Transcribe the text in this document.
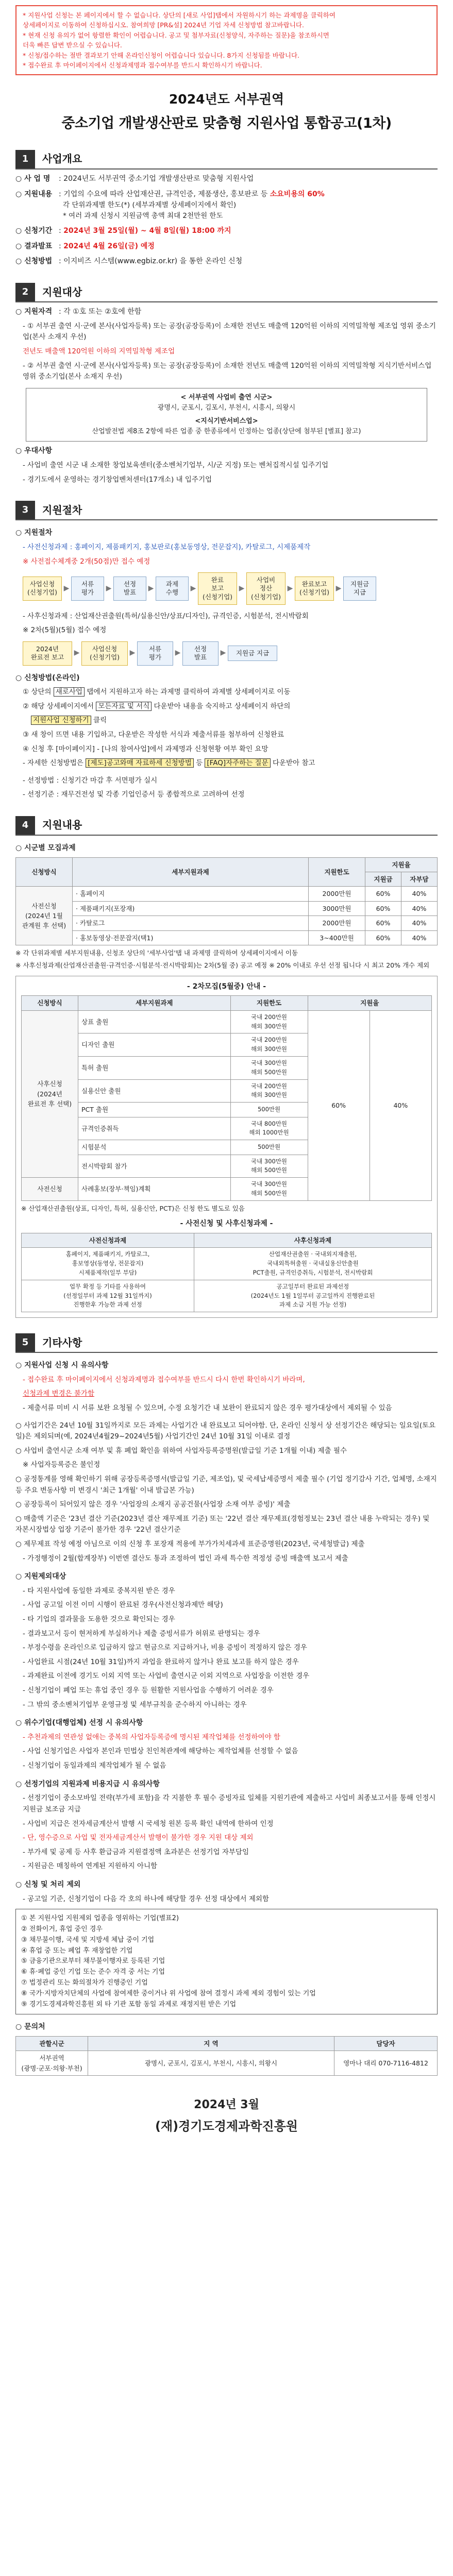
* 지원사업 신청는 본 페이지에서 할 수 없습니다. 상단의 [새로 사업]탭에서 자원하시기 하는 과제명을 클릭하여

상세페이지로 이동하여 신청하십시오. 참여희망 [PR&설] 2024년 기업 자세 신청방법 참고바랍니다.

* 현재 신청 유의가 없어 항렬한 확인이 어렵습니다. 공고 및 첨부자료(신청양식, 자주하는 질문)을 참조하시면

더욱 빠른 답변 받으실 수 있습니다.

* 신청/접수하는 절반 결과보기 안해 온라인신청이 어렵습니다 있습니다. 8가지 신청됨를 바랍니다.

* 접수완료 후 마이페이지에서 신청과제명과 접수여부를 반드시 확인하시기 바랍니다.

2024년도 서부권역
중소기업 개발생산판로 맞춤형 지원사업 통합공고(1차)
1	사업개요
○ 사 업 명	: 2024년도 서부권역 중소기업 개발생산판로 맞춤형 지원사업
○ 지원내용 : 기업의 수요에 따라 산업재산권, 규격인증, 제품생산, 홍보판로 등 소요비용의 60%
각 단위과제별 한도(*) (세부과제별 상세페이지에서 확인)
* 여러 과제 신청시 지원금액 총액 최대 2천만원 한도
○ 신청기간 : 2024년 3월 25일(월) ~ 4월 8일(월) 18:00 까지
○ 결과발표 : 2024년 4월 26일(금) 예정
○ 신청방법 : 이지비즈 시스템(www.egbiz.or.kr) 을 통한 온라인 신청
2	지원대상
○ 지원자격 : 각 ①호 또는 ②호에 한함
- ① 서부권 출연 시·군에 본사(사업자등록) 또는 공장(공장등록)이 소재한 전년도 매출액 120억원 이하의 지역밀착형 제조업 영위 중소기업(본사 소재지 우선)
전년도 매출액 120억원 이하의 지역밀착형 제조업
- ② 서부권 출연 시·군에 본사(사업자등록) 또는 공장(공장등록)이 소재한 전년도 매출액 120억원 이하의 지역밀착형 지식기반서비스업 영위 중소기업(본사 소재지 우선)
< 서부권역 사업비 출연 시군>
광명시, 군포시, 김포시, 부천시, 시흥시, 의왕시
<지식기반서비스업>
산업발전법 제8조 2항에 따른 업종 중 한종류에서 인정하는 업종(상단에 첨부된 [별표] 참고)
○ 우대사항
- 사업비 출연 시군 내 소재한 창업보육센터(중소벤처기업부, 시/군 지정) 또는 벤처집적시설 입주기업
- 경기도에서 운영하는 경기창업벤처센터(17개소) 내 입주기업
3	지원절차
○ 지원절차
- 사전신청과제 : 홍페이지, 제품패키지, 홍보판로(홍보동영상, 전문잡지), 카탈로그, 시제품제작
※ 사전접수체계중 2개(50점)만 접수 예정
사업신청
(신청기업)
▶	서류
평가
▶	선정
발표
▶	과제
수행
▶
완료
보고
(신청기업)
▶
사업비
정산
(신청기업)
▶	완료보고
(신청기업)
▶	지원금
지급
- 사후신청과제 : 산업재산권출원(특허/실용신안/상표/디자인), 규격인증, 시험분석, 전시박람회
※ 2차(5월)(5월) 접수 예정
2024년
완료전 보고
▶	사업신청
(신청기업)
▶	서류
평가
▶	선정
발표
▶	지원금 지급
○ 신청방법(온라인)
① 상단의 새로사업 탭에서 지원하고자 하는 과제명 클릭하여 과제별 상세페이지로 이동
② 해당 상세페이지에서 모든자료 및 서식 다운받아 내용을 숙지하고 상세페이지 하단의
지원사업 신청하기 클릭
③ 새 창이 뜨면 내용 기입하고, 다운받은 작성한 서식과 제출서류를 첨부하여 신청완료
④ 신청 후 [마이페이지] - [나의 참여사업]에서 과제명과 신청현황 여부 확인 요망
- 자세한 신청방법은 [제도]공고와매 자료하세 신청방법 등 [FAQ]자주하는 질문 다운받아 참고
- 선정방법 : 신청기간 마감 후 서면평가 실시
- 선정기준 : 재무건전성 및 각종 기업인증서 등 종합적으로 고려하여 선정
4	지원내용
○ 시군별 모집과제
신청방식	세부지원과제	지원한도	지원율	
			지원금	자부담
사전신청
(2024년 1월
관계원 후 선택)	· 홈페이지	2000만원	60%	40%
	· 제품패키지(포장재)	3000만원	60%	40%
	· 카탈로그	2000만원	60%	40%
	· 홍보동영상·전문잡지(택1)	3~400만원	60%	40%
※ 각 단위과제별 세부지원내용, 신청조 상단의 '세부사업'탭 내 과제명 클릭하여 상세페이지에서 이동
※ 사후신청과제(산업재산권출원·규격인증·시험분석·전시박람회)는 2차(5월 중) 공고 예정 ※ 20% 이내로 우선 선정 됩니다 시 최고 20% 개수 제외
- 2차모집(5월중) 안내 -
신청방식	세부지원과제	지원한도	지원율	
사후신청
(2024년
완료전 후 선택)	상표 출원	국내 200만원
해외 300만원	60%	40%
	디자인 출원	국내 200만원
해외 300만원		
	특허 출원	국내 300만원
해외 500만원		
	실용신안 출원	국내 200만원
해외 300만원		
	PCT 출원	500만원		
	규격인증취득	국내 800만원
해외 1000만원		
	시험분석	500만원		
	전시박람회 참가	국내 300만원
해외 500만원		
사전신청	사례홍보(장부·책임)계획	국내 300만원
해외 500만원		
※ 산업재산권출원(상표, 디자인, 특허, 실용신안, PCT)은 신청 한도 별도로 있음
- 사전신청 및 사후신청과제 -
사전신청과제	사후신청과제
홈페이지, 제품패키지, 카탈로그,
홍보영상(동영상, 전문잡지)
시제품제작(일부 부담)	산업재산권출원 · 국내외지재출원,
국내외특허출원 · 국내실용신안출원
PCT출원, 규격인증취득, 시험분석, 전시박람회
업무 확정 등 기타를 사용하여
(선정일부터 과제 12월 31일까지)
진행한후 가능한 과제 선정	공고일부터 완료된 과제선정
(2024년도 1월 1일부터 공고일까지 진행완료된
과제 소급 지원 가능 선정)
5	기타사항
○ 지원사업 신청 시 유의사항
- 접수완료 후 마이페이지에서 신청과제명과 접수여부를 반드시 다시 한번 확인하시기 바라며,
신청과제 변경은 불가함
- 제출서류 미비 시 서류 보완 요청될 수 있으며, 수정 요청기간 내 보완이 완료되지 않은 경우 평가대상에서 제외될 수 있음
○ 사업기간은 24년 10월 31일까지로 모든 과제는 사업기간 내 완료보고 되어야함. 단, 온라인 신청서 상 선정기간은 해당되는 일요일(토요일)은 제외되며(예, 2024년4월29~2024년5월) 사업기간인 24년 10월 31일 이내로 결정
○ 사업비 출연시군 소재 여부 및 휴 폐업 확인을 위하여 사업자등록증명원(발급일 기준 1개월 이내) 제출 필수
※ 사업자등록증은 불인정
○ 공정통계를 영해 확인하기 위해 공장등록증명서(발급일 기준, 제조업), 및 국세납세증명서 제출 필수 (기업 정기감사 기간, 업체명, 소재지 등 주요 변동사항 미 변경시 '최근 1개월' 이내 발급본 가능)
○ 공장등록이 되어있지 않은 경우 '사업장의 소재지 공공건물(사업장 소재 여부 증빙)' 제출
○ 매출액 기준은 '23년 결산 기준(2023년 결산 재무제표 기준) 또는 '22년 결산 재무제표(경험정보는 23년 결산 내용 누락되는 경우) 및 자본시장법상 업장 기준이 불가한 경우 '22년 결산기준
○ 제무제표 작성 예정 아님으로 이의 신청 후 포장재 적용에 부가가치세과세 표준증명원(2023년, 국세청발급) 제출
- 가정행정이 2월(합계장부) 이번엔 결산도 통과 조정하여 법인 과세 특수한 적정성 증빙 매출액 보고서 제출
○ 지원제외대상
- 타 지원사업에 동일한 과제로 중복지원 받은 경우
- 사업 공고일 이전 이미 시행이 완료된 경우(사전신청과제만 해당)
- 타 기업의 결과물을 도용한 것으로 확인되는 경우
- 결과보고서 등이 현저하게 부실하거나 제출 증빙서류가 허위로 판명되는 경우
- 부정수령을 온라인으로 입금하지 않고 현금으로 지급하거나, 비용 증빙이 적정하지 않은 경우
- 사업완료 시점(24년 10월 31일)까지 과업을 완료하지 않거나 완료 보고를 하지 않은 경우
- 과제완료 이전에 경기도 이외 지역 또는 사업비 출연시군 이외 지역으로 사업장을 이전한 경우
- 신청기업이 폐업 또는 휴업 중인 경우 등 원활한 지원사업을 수행하기 어려운 경우
- 그 밖의 중소벤처기업부 운영규정 및 세부규칙을 준수하지 아니하는 경우
○ 위수기업(대행업체) 선정 시 유의사항
- 추천과제의 연관성 없애는 중복의 사업자등록증에 명시된 제작업체를 선정하여야 함
- 사업 신청기업은 사업자 본인과 민법상 친인척관계에 해당하는 제작업체를 선정할 수 없음
- 신청기업이 동일과제의 제작업체가 될 수 없음
○ 선정기업의 지원과제 비용지급 시 유의사항
- 선정기업이 중소모바일 전략(부가세 포함)을 각 지불한 후 필수 증빙자료 일체를 지원기관에 제출하고 사업비 최종보고서를 통해 인정시 지원금 보조금 지급
- 사업비 지급은 전자세금계산서 발행 시 국세청 원본 등록 확인 내역에 한하여 인정
- 단, 영수증으로 사업 및 전자세금계산서 발행이 불가한 경우 지원 대상 제외
- 부가세 및 공제 등 사후 환급금과 지원결정액 초과분은 선정기업 자부담임
- 지원금은 매칭하여 연계된 지원하지 아니함
○ 신청 및 처리 제외
- 공고일 기준, 신청기업이 다음 각 호의 하나에 해당할 경우 선정 대상에서 제외함
① 본 지원사업 지원제외 업종을 영위하는 기업(별표2)
② 전화이거, 휴업 중인 경우
③ 채무불이행, 국세 및 지방세 체납 중이 기업
④ 휴업 중 또는 폐업 후 재창업한 기업
⑤ 금융기관으로부터 채무불이행자로 등록된 기업
⑥ 휴·폐업 중인 기업 또는 준수 자격 중 서는 기업
⑦ 법정관리 또는 화의절차가 진행중인 기업
⑧ 국가·지방자치단체의 사업에 참여제한 중이거나 위 사업에 참여 결정시 과제 제외 경험이 있는 기업
⑨ 경기도경제과학진흥원 외 타 기관 포함 동일 과제로 재정지원 받은 기업
○ 문의처
관할시군	지 역	담당자
서부권역
(광명·군포·의왕·부천)	광명시, 군포시, 김포시, 부천시, 시흥시, 의왕시	영마나 대리 070-7116-4812
2024년 3월
(재)경기도경제과학진흥원
